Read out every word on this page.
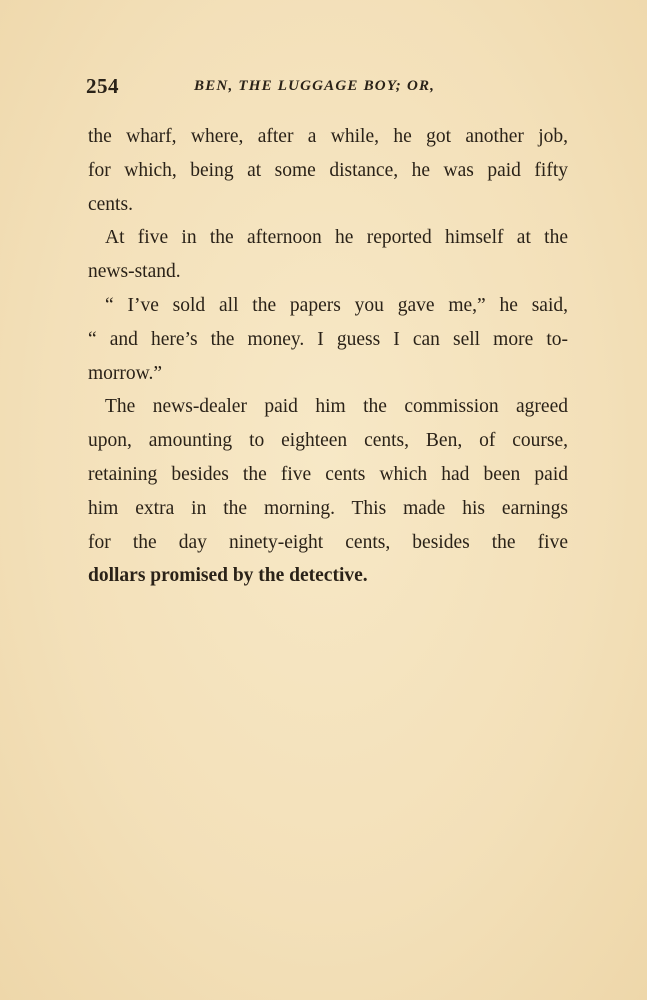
254	BEN, THE LUGGAGE BOY; OR,
the wharf, where, after a while, he got another job,
for which, being at some distance, he was paid fifty
cents.
At five in the afternoon he reported himself at the
news-stand.
“ I’ve sold all the papers you gave me,” he said,
“ and here’s the money. I guess I can sell more to-
morrow.”
The news-dealer paid him the commission agreed
upon, amounting to eighteen cents, Ben, of course,
retaining besides the five cents which had been paid
him extra in the morning. This made his earnings
for the day ninety-eight cents, besides the five
dollars promised by the detective.
